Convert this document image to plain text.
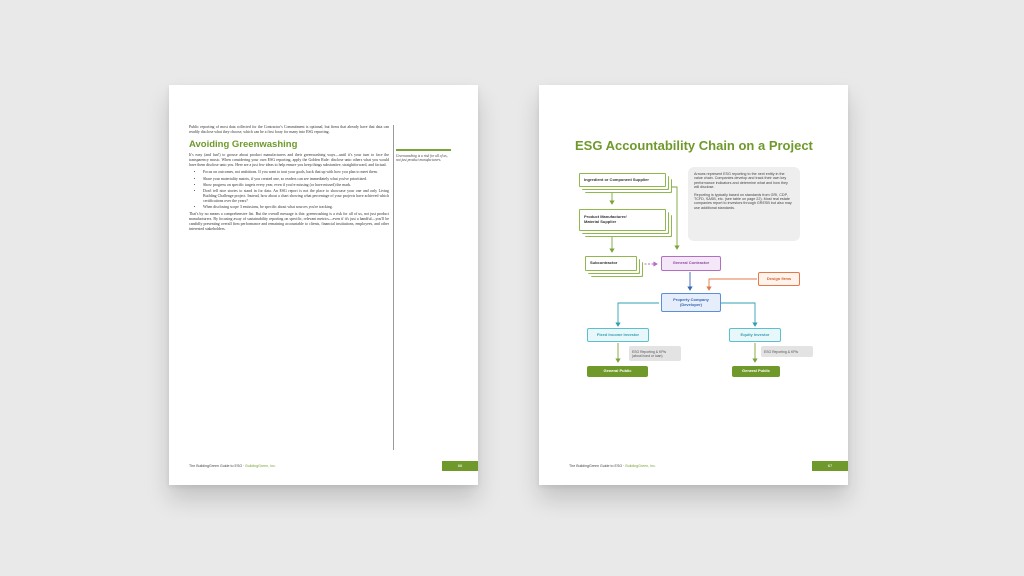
Public reporting of most data collected for the Contractor's Commitment is optional, but firms that already have that data can readily disclose what they choose, which can be a first foray for many into ESG reporting.

Avoiding Greenwashing

It's easy (and fun!) to grouse about product manufacturers and their greenwashing ways—until it's your turn to face the transparency music. When considering your own ESG reporting, apply the Golden Rule: disclose unto others what you would have them disclose unto you. Here are a just few ideas to help ensure you keep things substantive, straightforward, and factual.

• Focus on outcomes, not ambitions. If you want to tout your goals, back that up with how you plan to meet them.
• Share your materiality matrix, if you created one, so readers can see immediately what you've prioritized.
• Show progress on specific targets every year, even if you're missing (or have missed) the mark.
• Don't tell nice stories to stand in for data. An ESG report is not the place to showcase your one and only Living Building Challenge project. Instead, how about a chart showing what percentage of your projects have achieved which certifications over the years?
• When disclosing scope 3 emissions, be specific about what sources you're tracking.

That's by no means a comprehensive list. But the overall message is this: greenwashing is a risk for all of us, not just product manufacturers. By focusing away of sustainability reporting on specific, relevant metrics—even if it's just a handful—you'll be candidly presenting overall firm performance and remaining accountable to clients, financial institutions, employees, and other interested stakeholders.

Greenwashing is a risk for all of us, not just product manufacturers.
The BuildingGreen Guide to ESG · BuildingGreen, Inc.	66
ESG Accountability Chain on a Project
Ingredient or Component Supplier
Product Manufacturer/
Material Supplier
Subcontractor

Arrows represent ESG reporting to the next entity in the value chain. Companies develop and track their own key performance indicators and determine what and how they will disclose.

Reporting is typically based on standards from GRI, CDP, TCFD, SASB, etc. (see table on page 22). Most real estate companies report to investors through GRESB but also may use additional standards.

General Contractor
Design firms
Property Company
(Developer)
Fixed Income Investor	Equity Investor
ESG Reporting & KPIs
(about bond or loan)
ESG Reporting & KPIs
General Public	General Public
The BuildingGreen Guide to ESG · BuildingGreen, Inc.	67
